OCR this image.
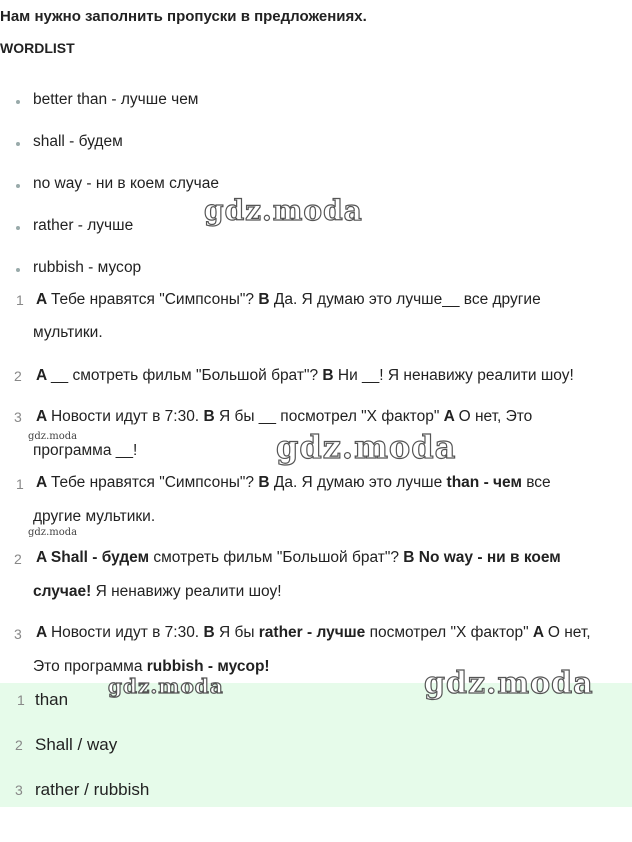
Нам нужно заполнить пропуски в предложениях.
WORDLIST
better than - лучше чем
shall - будем
no way - ни в коем случае
rather - лучше
rubbish - мусор
1 A Тебе нравятся "Симпсоны"? B Да. Я думаю это лучше__ все другие
мультики.
2 A __ смотреть фильм "Большой брат"? B Ни __! Я ненавижу реалити шоу!
3 A Новости идут в 7:30. B Я бы __ посмотрел "Х фактор" A О нет, Это
программа __!
1 A Тебе нравятся "Симпсоны"? B Да. Я думаю это лучше than - чем все
другие мультики.
2 A Shall - будем смотреть фильм "Большой брат"? B No way - ни в коем
случае! Я ненавижу реалити шоу!
3 A Новости идут в 7:30. B Я бы rather - лучше посмотрел "Х фактор" A О нет,
Это программа rubbish - мусор!
1 than
2 Shall / way
3 rather / rubbish
gdz.moda
gdz.moda	gdz.moda
gdz.moda
gdz.moda	gdz.moda
